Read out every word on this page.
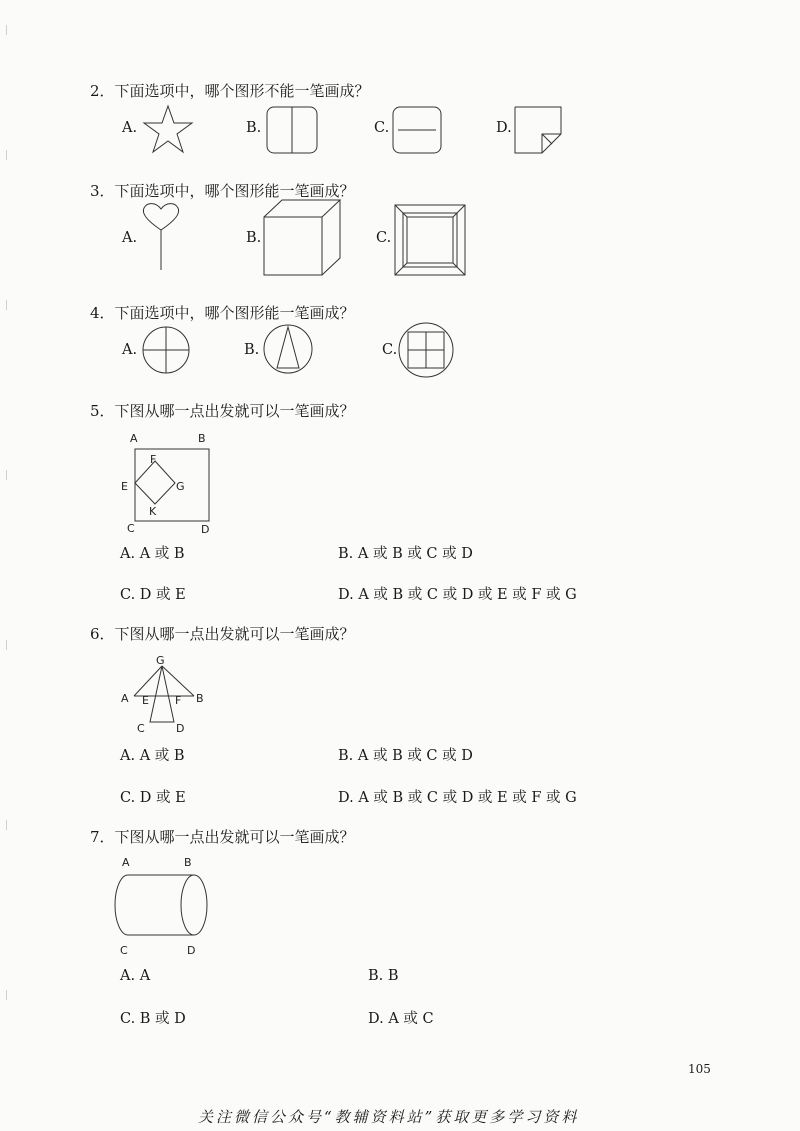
2．下面选项中，哪个图形不能一笔画成？
A.	B.	C.	D.
3．下面选项中，哪个图形能一笔画成？
A.	B.	C.
4．下面选项中，哪个图形能一笔画成？
A.	B.	C.
5．下图从哪一点出发就可以一笔画成？
A	B
F
E	G
K
C	D
A. A 或 B	B. A 或 B 或 C 或 D
C. D 或 E	D. A 或 B 或 C 或 D 或 E 或 F 或 G
6．下图从哪一点出发就可以一笔画成？
G
A E F B
C	D
A. A 或 B	B. A 或 B 或 C 或 D
C. D 或 E	D. A 或 B 或 C 或 D 或 E 或 F 或 G
7．下图从哪一点出发就可以一笔画成？
A	B
C	D
A. A	B. B
C. B 或 D	D. A 或 C
105
关注微信公众号“教辅资料站”获取更多学习资料
